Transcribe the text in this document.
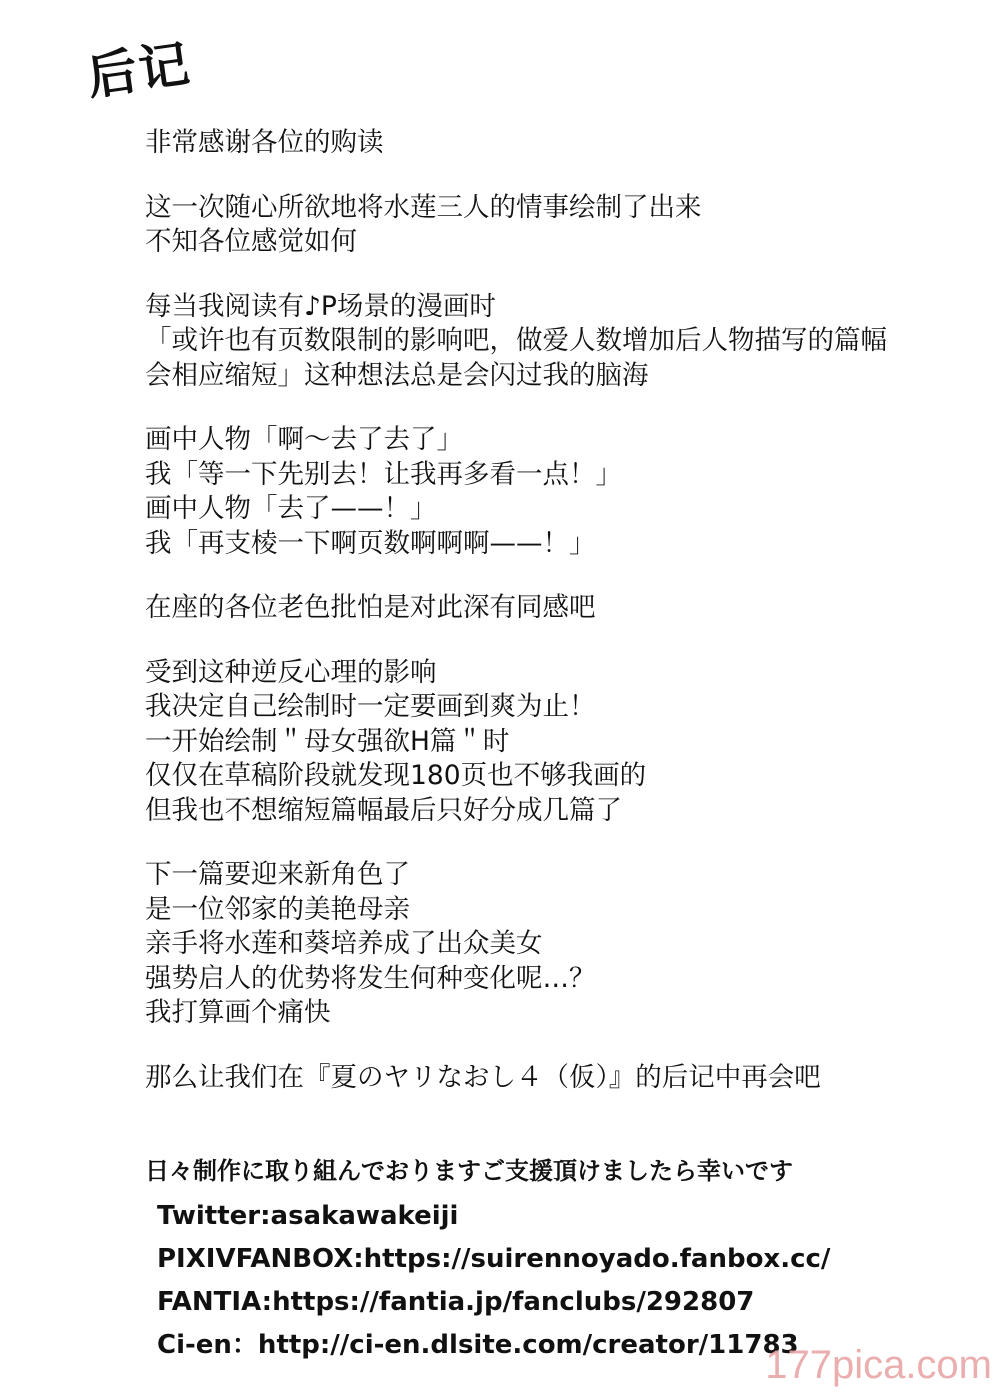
后记
非常感谢各位的购读
这一次随心所欲地将水莲三人的情事绘制了出来
不知各位感觉如何
每当我阅读有♪P场景的漫画时
「或许也有页数限制的影响吧，做爱人数增加后人物描写的篇幅
会相应缩短」这种想法总是会闪过我的脑海
画中人物「啊～去了去了」
我「等一下先别去！让我再多看一点！」
画中人物「去了——！」
我「再支棱一下啊页数啊啊啊——！」
在座的各位老色批怕是对此深有同感吧
受到这种逆反心理的影响
我决定自己绘制时一定要画到爽为止！
一开始绘制＂母女强欲H篇＂时
仅仅在草稿阶段就发现180页也不够我画的
但我也不想缩短篇幅最后只好分成几篇了
下一篇要迎来新角色了
是一位邻家的美艳母亲
亲手将水莲和葵培养成了出众美女
强势启人的优势将发生何种变化呢…？
我打算画个痛快
那么让我们在『夏のヤリなおし４（仮）』的后记中再会吧
日々制作に取り組んでおりますご支援頂けましたら幸いです
Twitter:asakawakeiji
PIXIVFANBOX:https://suirennoyado.fanbox.cc/
FANTIA:https://fantia.jp/fanclubs/292807
Ci-en：http://ci-en.dlsite.com/creator/11783
177pica.com
